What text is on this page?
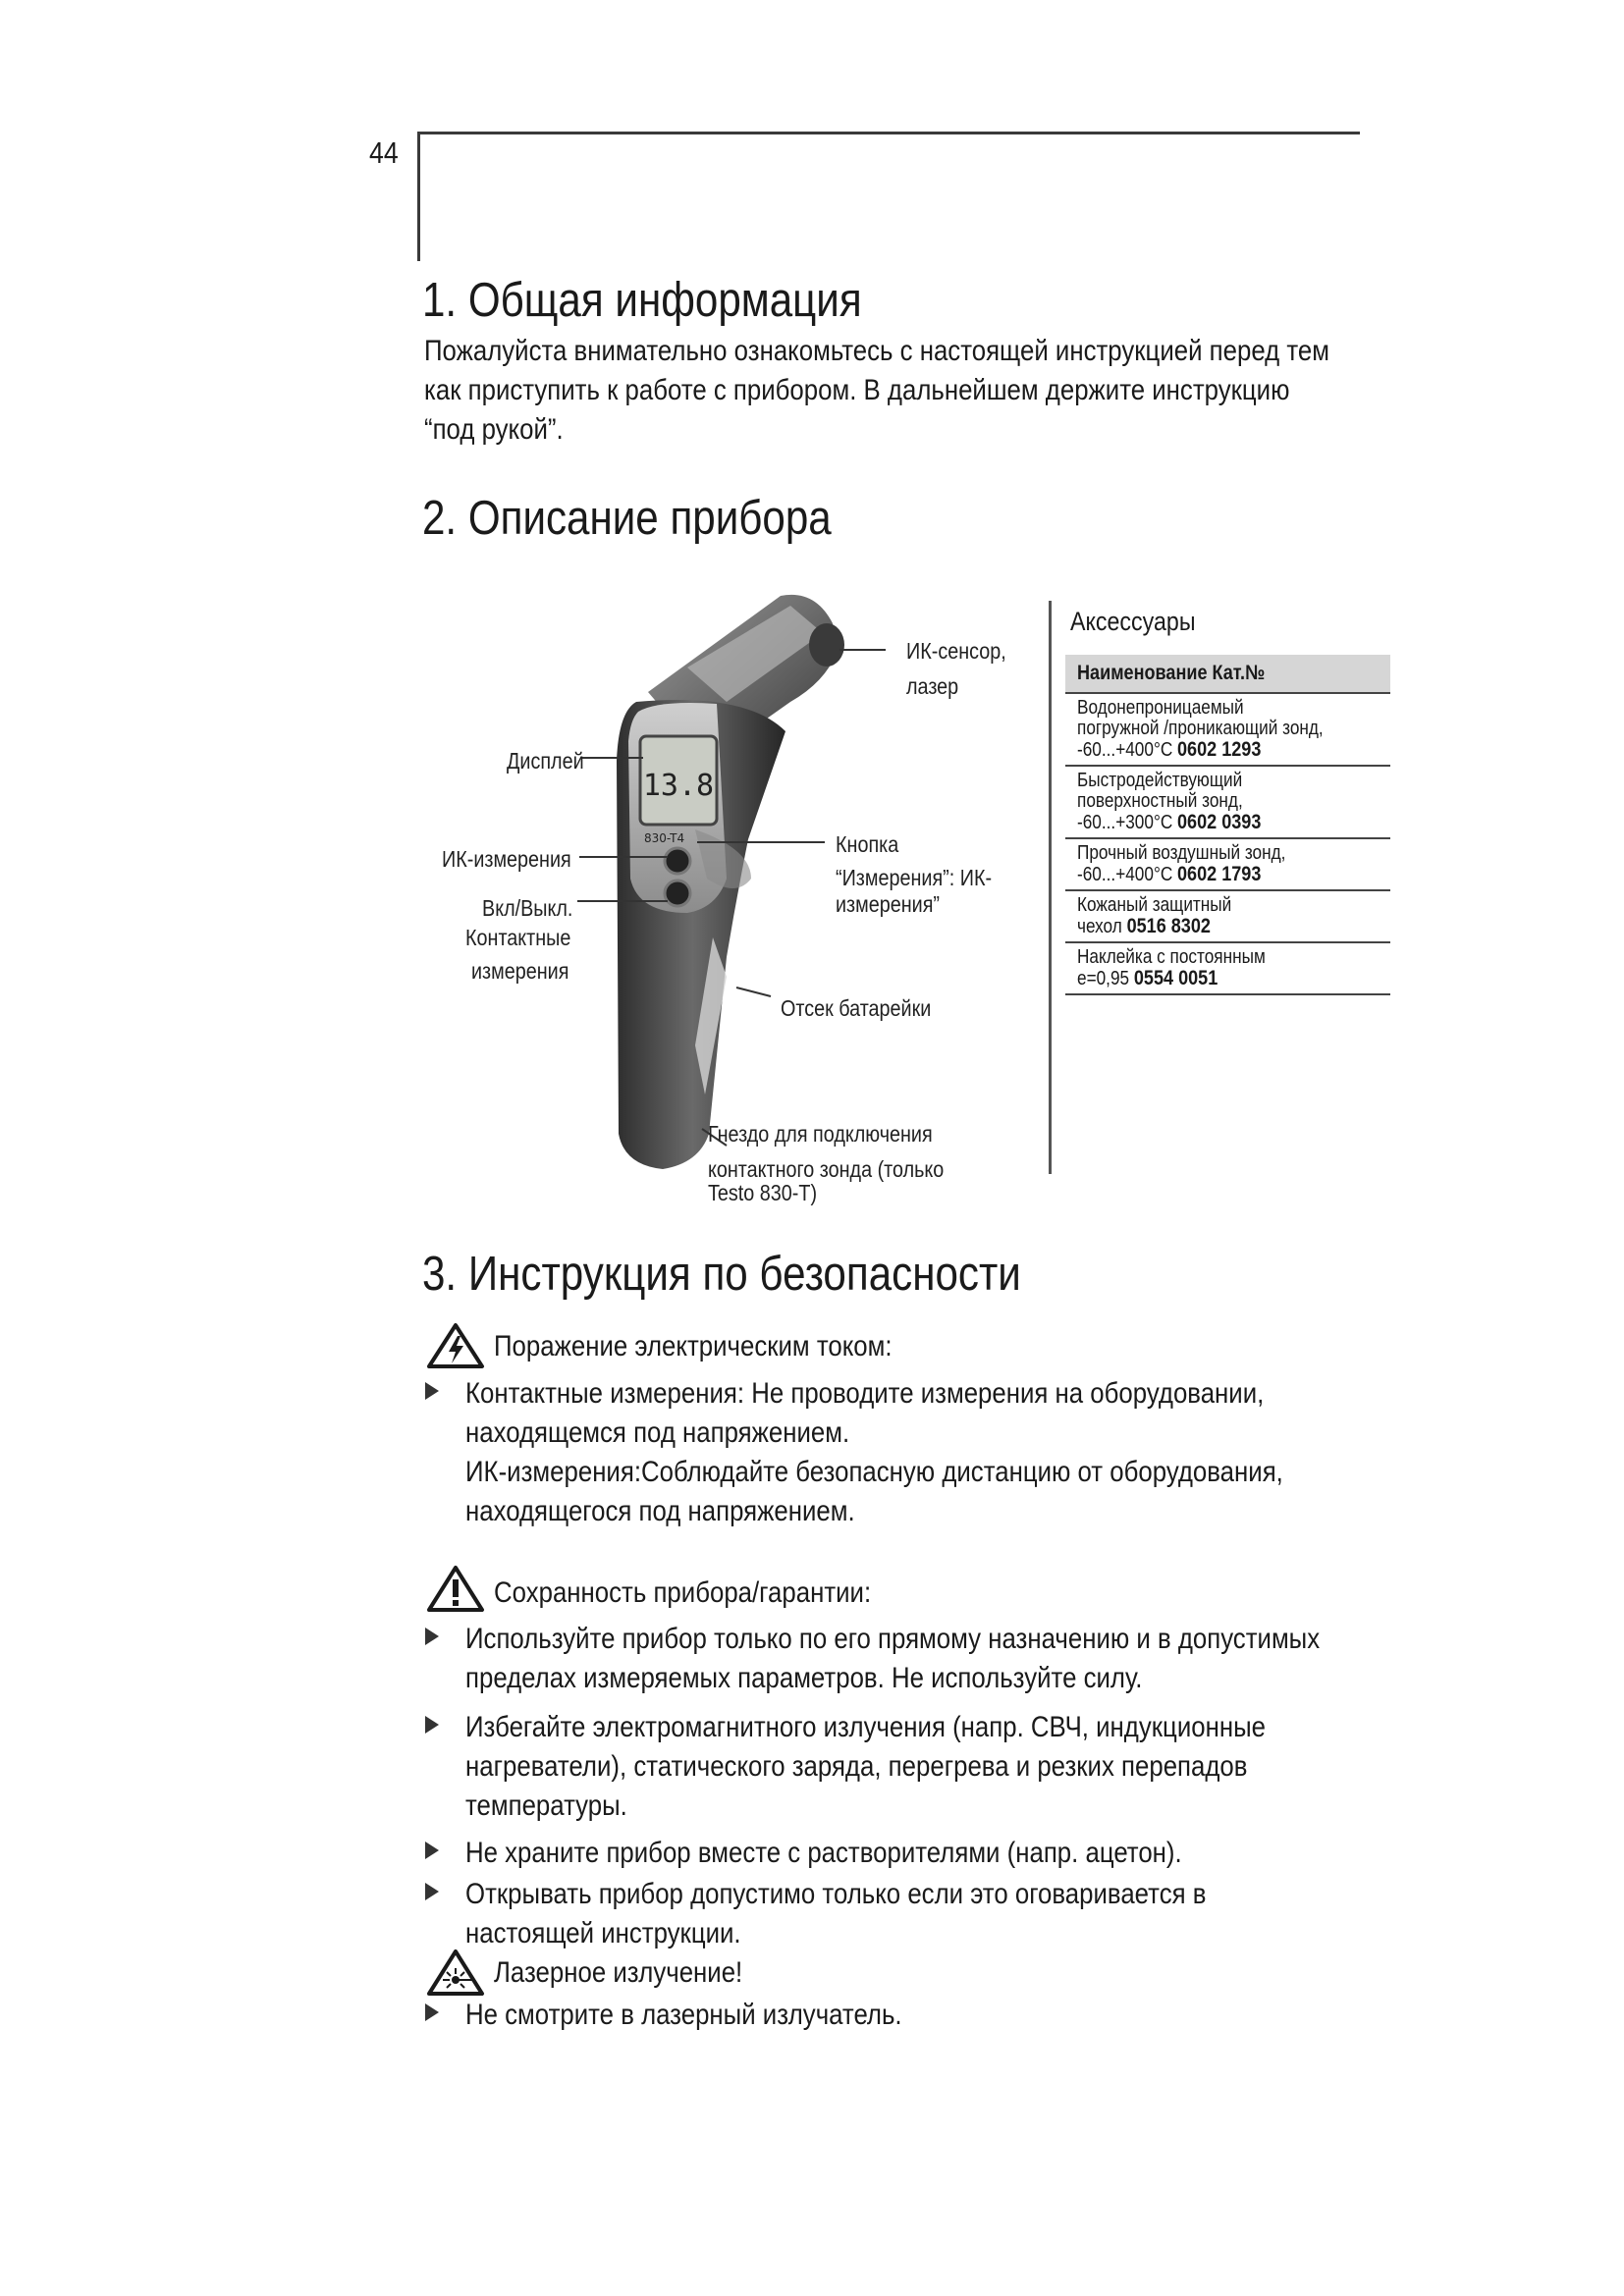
44
1. Общая информация
Пожалуйста внимательно ознакомьтесь с настоящей инструкцией перед тем
как приступить к работе с прибором. В дальнейшем держите инструкцию
“под рукой”.
2. Описание прибора
13.8
830-T4
ИК-сенсор,
лазер
Дисплей
ИК-измерения
Вкл/Выкл.
Контактные
измерения
Кнопка
“Измерения”: ИК-
измерения”
Отсек батарейки
Гнездо для подключения
контактного зонда (только
Testo 830-T)
Аксессуары
Наименование Кат.№
Водонепроницаемый
погружной /проникающий зонд,
-60...+400°C 0602 1293
Быстродействующий
поверхностный зонд,
-60...+300°C 0602 0393
Прочный воздушный зонд,
-60...+400°C 0602 1793
Кожаный защитный
чехол 0516 8302
Наклейка с постоянным
e=0,95 0554 0051
3. Инструкция по безопасности
Поражение электрическим током:
Контактные измерения: Не проводите измерения на оборудовании,
находящемся под напряжением.
ИК-измерения:Соблюдайте безопасную дистанцию от оборудования,
находящегося под напряжением.
Сохранность прибора/гарантии:
Используйте прибор только по его прямому назначению и в допустимых
пределах измеряемых параметров. Не используйте силу.
Избегайте электромагнитного излучения (напр. СВЧ, индукционные
нагреватели), статического заряда, перегрева и резких перепадов
температуры.
Не храните прибор вместе с растворителями (напр. ацетон).
Открывать прибор допустимо только если это оговаривается в
настоящей инструкции.
Лазерное излучение!
Не смотрите в лазерный излучатель.
